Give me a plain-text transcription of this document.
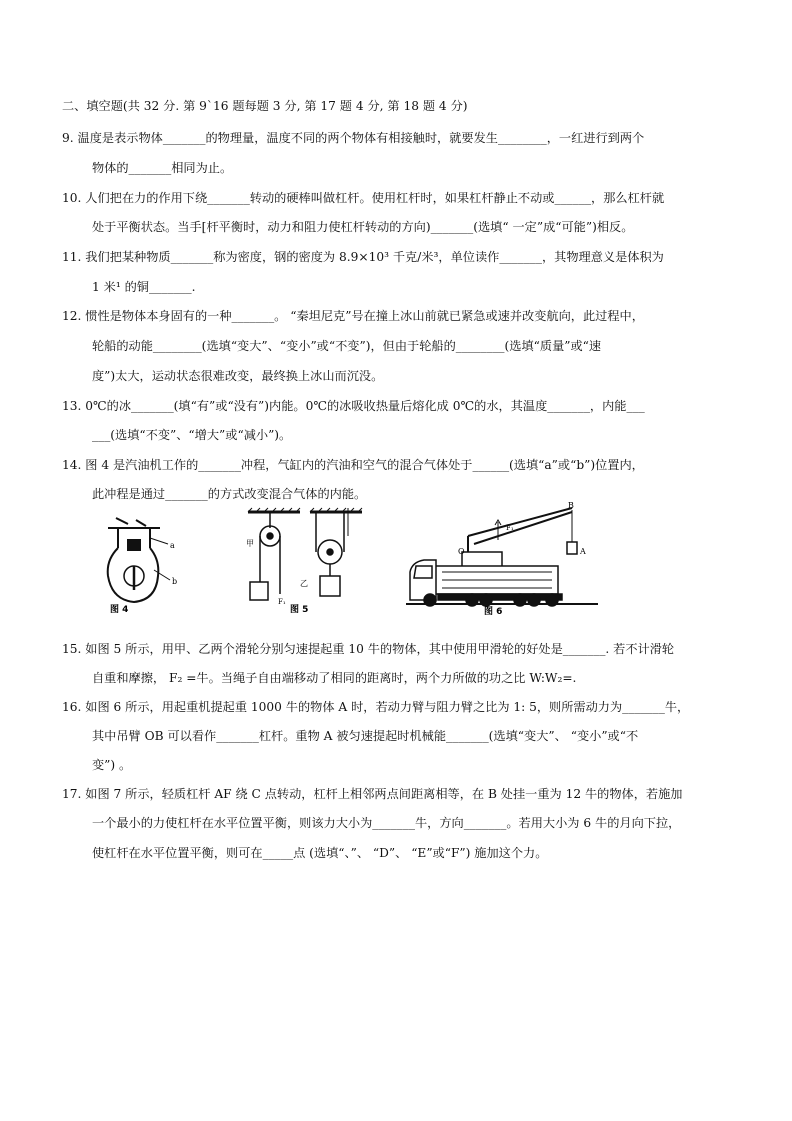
二、填空题(共 32 分. 第 9`16 题每题 3 分, 第 17 题 4 分, 第 18 题 4 分)
9. 温度是表示物体_______的物理量，温度不同的两个物体有相接触时，就要发生________，一红进行到两个
物体的_______相同为止。
10. 人们把在力的作用下绕_______转动的硬棒叫做杠杆。使用杠杆时，如果杠杆静止不动或______，那么杠杆就
处于平衡状态。当手[杆平衡时，动力和阻力使杠杆转动的方向)_______(选填“ 一定”成“可能”)相反。
11. 我们把某种物质_______称为密度，钢的密度为 8.9×10³ 千克/米³，单位读作_______，其物理意义是体积为
1 米¹ 的铜_______.
12. 惯性是物体本身固有的一种_______。 “秦坦尼克”号在撞上冰山前就已紧急或速并改变航向，此过程中，
轮船的动能________(选填“变大”、“变小”或“不变”)，但由于轮船的________(选填“质量”或“速
度”)太大，运动状态很难改变，最终换上冰山而沉没。
13. 0℃的冰_______(填“有”或“没有”)内能。0℃的冰吸收热量后熔化成 0℃的水，其温度_______，内能___
___(选填“不变”、“增大”或“减小”)。
14. 图 4 是汽油机工作的_______冲程，气缸内的汽油和空气的混合气体处于______(选填“a”或“b”)位置内，
此冲程是通过_______的方式改变混合气体的内能。
a
b
图 4
甲
乙
F₁
图 5
F₁
B
O	A
图 6
15. 如图 5 所示，用甲、乙两个滑轮分别匀速提起重 10 牛的物体，其中使用甲滑轮的好处是_______. 若不计滑轮
自重和摩擦， F₂ =牛。当绳子自由端移动了相同的距离时，两个力所做的功之比 W:W₂=.
16. 如图 6 所示，用起重机提起重 1000 牛的物体 A 时，若动力臂与阻力臂之比为 1: 5，则所需动力为_______牛，
其中吊臂 OB 可以看作_______杠杆。重物 A 被匀速提起时机械能_______(选填“变大”、 “变小”或“不
变”) 。
17. 如图 7 所示，轻质杠杆 AF 绕 C 点转动，杠杆上相邻两点间距离相等，在 B 处挂一重为 12 牛的物体，若施加
一个最小的力使杠杆在水平位置平衡，则该力大小为_______牛，方向_______。若用大小为 6 牛的月向下拉，
使杠杆在水平位置平衡，则可在_____点 (选填“、”、 “D”、 “E”或“F”) 施加这个力。
